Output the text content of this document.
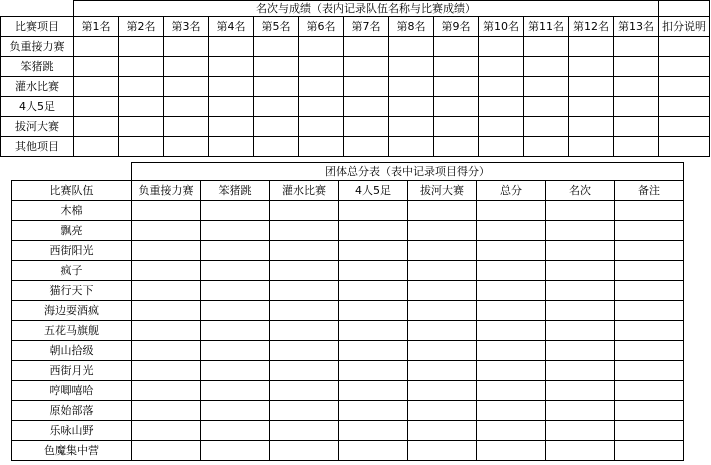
	名次与成绩（表内记录队伍名称与比赛成绩）													
比赛项目	第1名	第2名	第3名	第4名	第5名	第6名	第7名	第8名	第9名	第10名	第11名	第12名	第13名	扣分说明
负重接力赛														
笨猪跳														
灌水比赛														
4人5足														
拔河大赛														
其他项目														
	团体总分表（表中记录项目得分）							
比赛队伍	负重接力赛	笨猪跳	灌水比赛	4人5足	拔河大赛	总分	名次	备注
木棉								
飘亮								
西街阳光								
疯子								
猫行天下								
海边耍酒疯								
五花马旗舰								
朝山拾级								
西街月光								
哼唧嘻哈								
原始部落								
乐咏山野								
色魔集中营								
